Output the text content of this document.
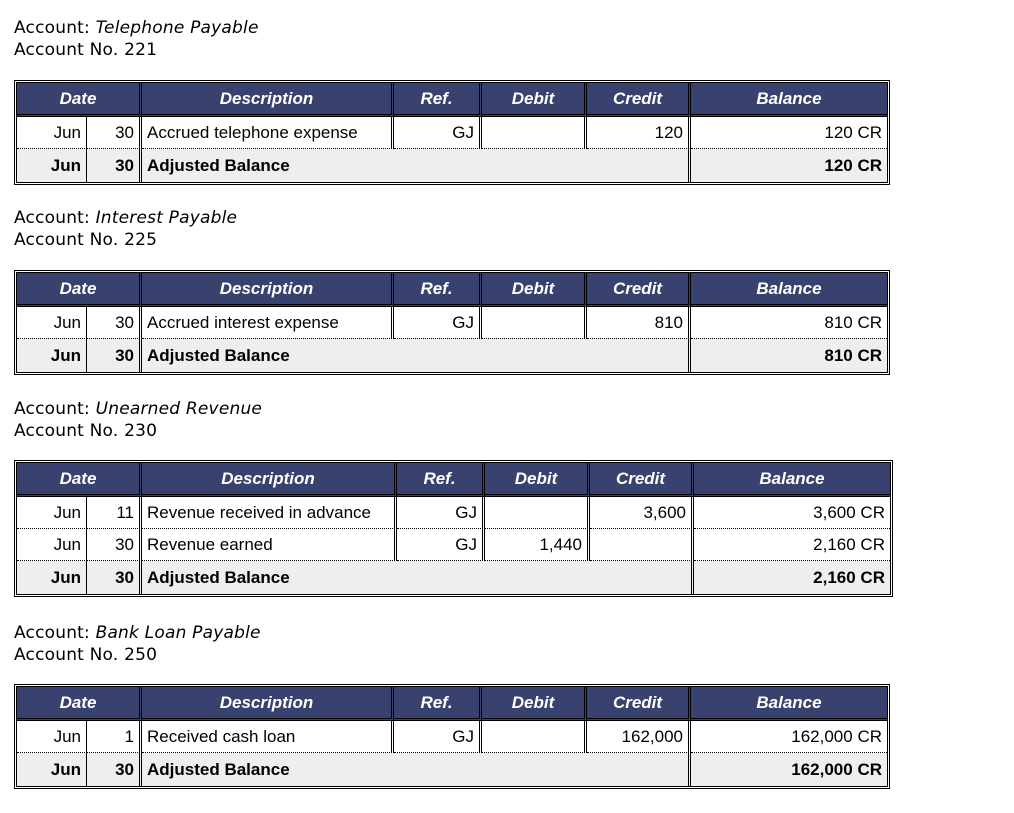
Account: Telephone Payable
Account No. 221
Date		Description	Ref.	Debit	Credit	Balance
Jun	30	Accrued telephone expense	GJ		120	120 CR
Jun	30	Adjusted Balance				120 CR
Account: Interest Payable
Account No. 225
Date		Description	Ref.	Debit	Credit	Balance
Jun	30	Accrued interest expense	GJ		810	810 CR
Jun	30	Adjusted Balance				810 CR
Account: Unearned Revenue
Account No. 230
Date		Description	Ref.	Debit	Credit	Balance
Jun	11	Revenue received in advance	GJ		3,600	3,600 CR
Jun	30	Revenue earned	GJ	1,440		2,160 CR
Jun	30	Adjusted Balance				2,160 CR
Account: Bank Loan Payable
Account No. 250
Date		Description	Ref.	Debit	Credit	Balance
Jun	1	Received cash loan	GJ		162,000	162,000 CR
Jun	30	Adjusted Balance				162,000 CR
